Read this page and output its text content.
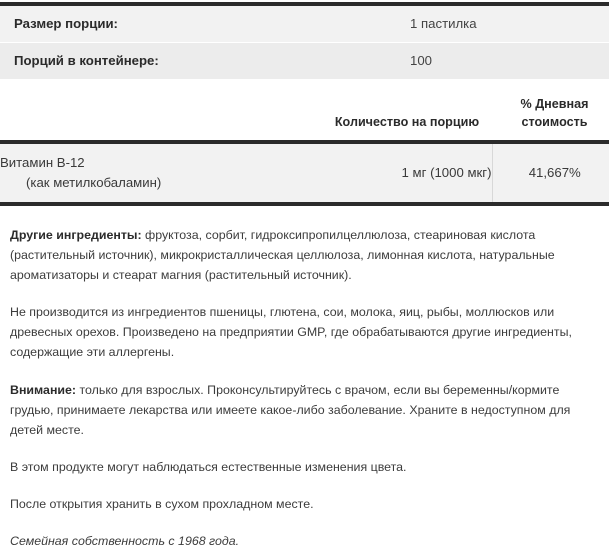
Размер порции:	1 пастилка
Порций в контейнере:	100
	Количество на порцию	% Дневная стоимость
Витамин B-12
(как метилкобаламин)	1 мг (1000 мкг)	41,667%

Другие ингредиенты: фруктоза, сорбит, гидроксипропилцеллюлоза, стеариновая кислота (растительный источник), микрокристаллическая целлюлоза, лимонная кислота, натуральные ароматизаторы и стеарат магния (растительный источник).

Не производится из ингредиентов пшеницы, глютена, сои, молока, яиц, рыбы, моллюсков или древесных орехов. Произведено на предприятии GMP, где обрабатываются другие ингредиенты, содержащие эти аллергены.

Внимание: только для взрослых. Проконсультируйтесь с врачом, если вы беременны/кормите грудью, принимаете лекарства или имеете какое-либо заболевание. Храните в недоступном для детей месте.

В этом продукте могут наблюдаться естественные изменения цвета.

После открытия хранить в сухом прохладном месте.

Семейная собственность с 1968 года.
